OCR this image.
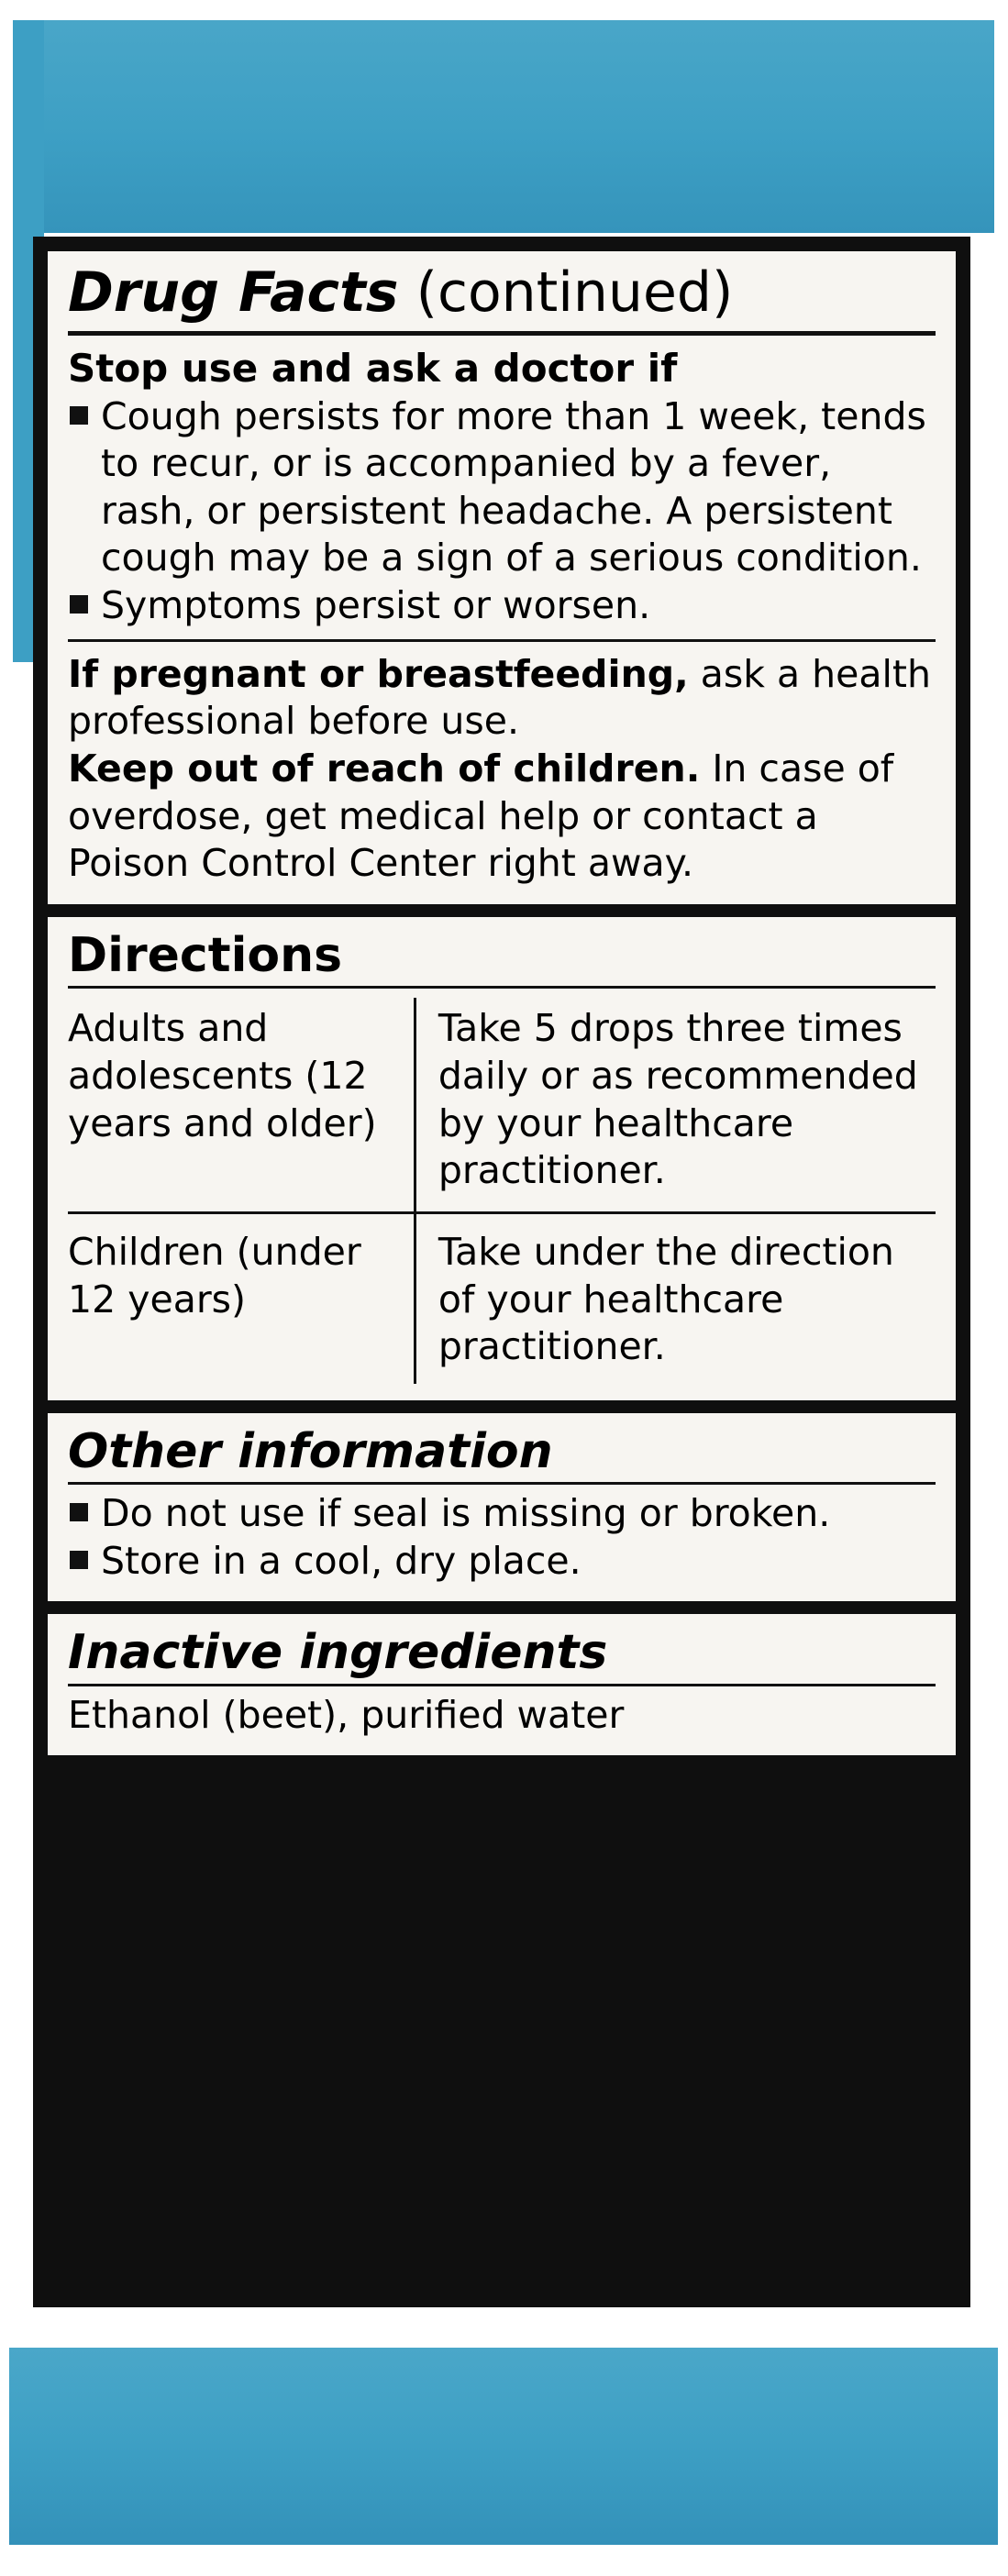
Drug Facts (continued)
Stop use and ask a doctor if
Cough persists for more than 1 week, tends to recur, or is accompanied by a fever, rash, or persistent headache. A persistent cough may be a sign of a serious condition.
Symptoms persist or worsen.
If pregnant or breastfeeding, ask a health professional before use.
Keep out of reach of children. In case of overdose, get medical help or contact a Poison Control Center right away.
Directions
Adults and adolescents (12 years and older)	Take 5 drops three times daily or as recommended by your healthcare practitioner.
Children (under 12 years)	Take under the direction of your healthcare practitioner.
Other information
Do not use if seal is missing or broken.
Store in a cool, dry place.
Inactive ingredients
Ethanol (beet), purified water
